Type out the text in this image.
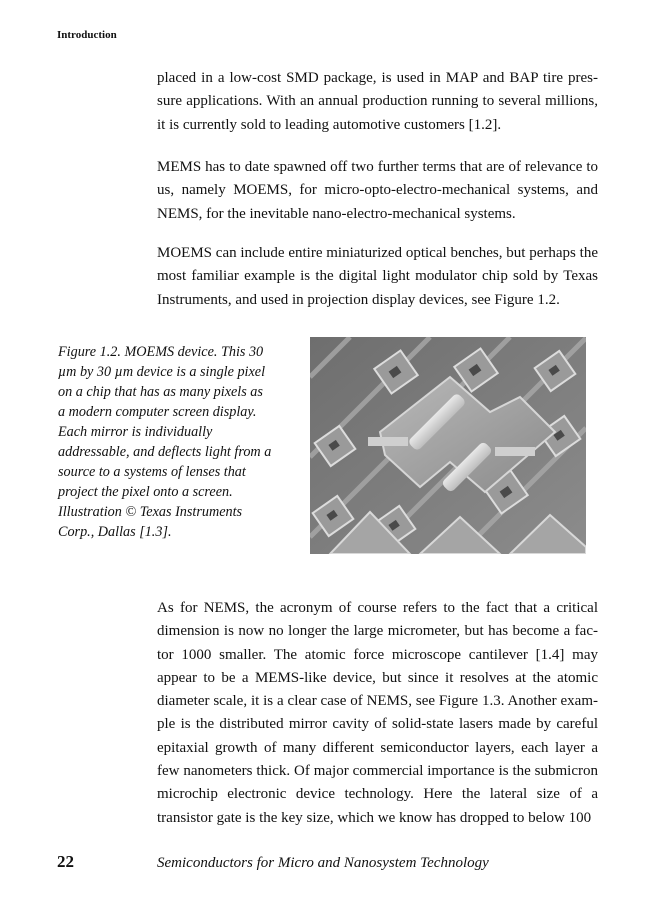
Introduction

placed in a low-cost SMD package, is used in MAP and BAP tire pressure applications. With an annual production running to several millions, it is currently sold to leading automotive customers [1.2].

MEMS has to date spawned off two further terms that are of relevance to us, namely MOEMS, for micro-opto-electro-mechanical systems, and NEMS, for the inevitable nano-electro-mechanical systems.

MOEMS can include entire miniaturized optical benches, but perhaps the most familiar example is the digital light modulator chip sold by Texas Instruments, and used in projection display devices, see Figure 1.2.

Figure 1.2. MOEMS device. This 30 µm by 30 µm device is a single pixel on a chip that has as many pixels as a modern computer screen display. Each mirror is individually addressable, and deflects light from a source to a systems of lenses that project the pixel onto a screen. Illustration © Texas Instruments Corp., Dallas [1.3].

As for NEMS, the acronym of course refers to the fact that a critical dimension is now no longer the large micrometer, but has become a factor 1000 smaller. The atomic force microscope cantilever [1.4] may appear to be a MEMS-like device, but since it resolves at the atomic diameter scale, it is a clear case of NEMS, see Figure 1.3. Another example is the distributed mirror cavity of solid-state lasers made by careful epitaxial growth of many different semiconductor layers, each layer a few nanometers thick. Of major commercial importance is the submicron microchip electronic device technology. Here the lateral size of a transistor gate is the key size, which we know has dropped to below 100

22	Semiconductors for Micro and Nanosystem Technology
